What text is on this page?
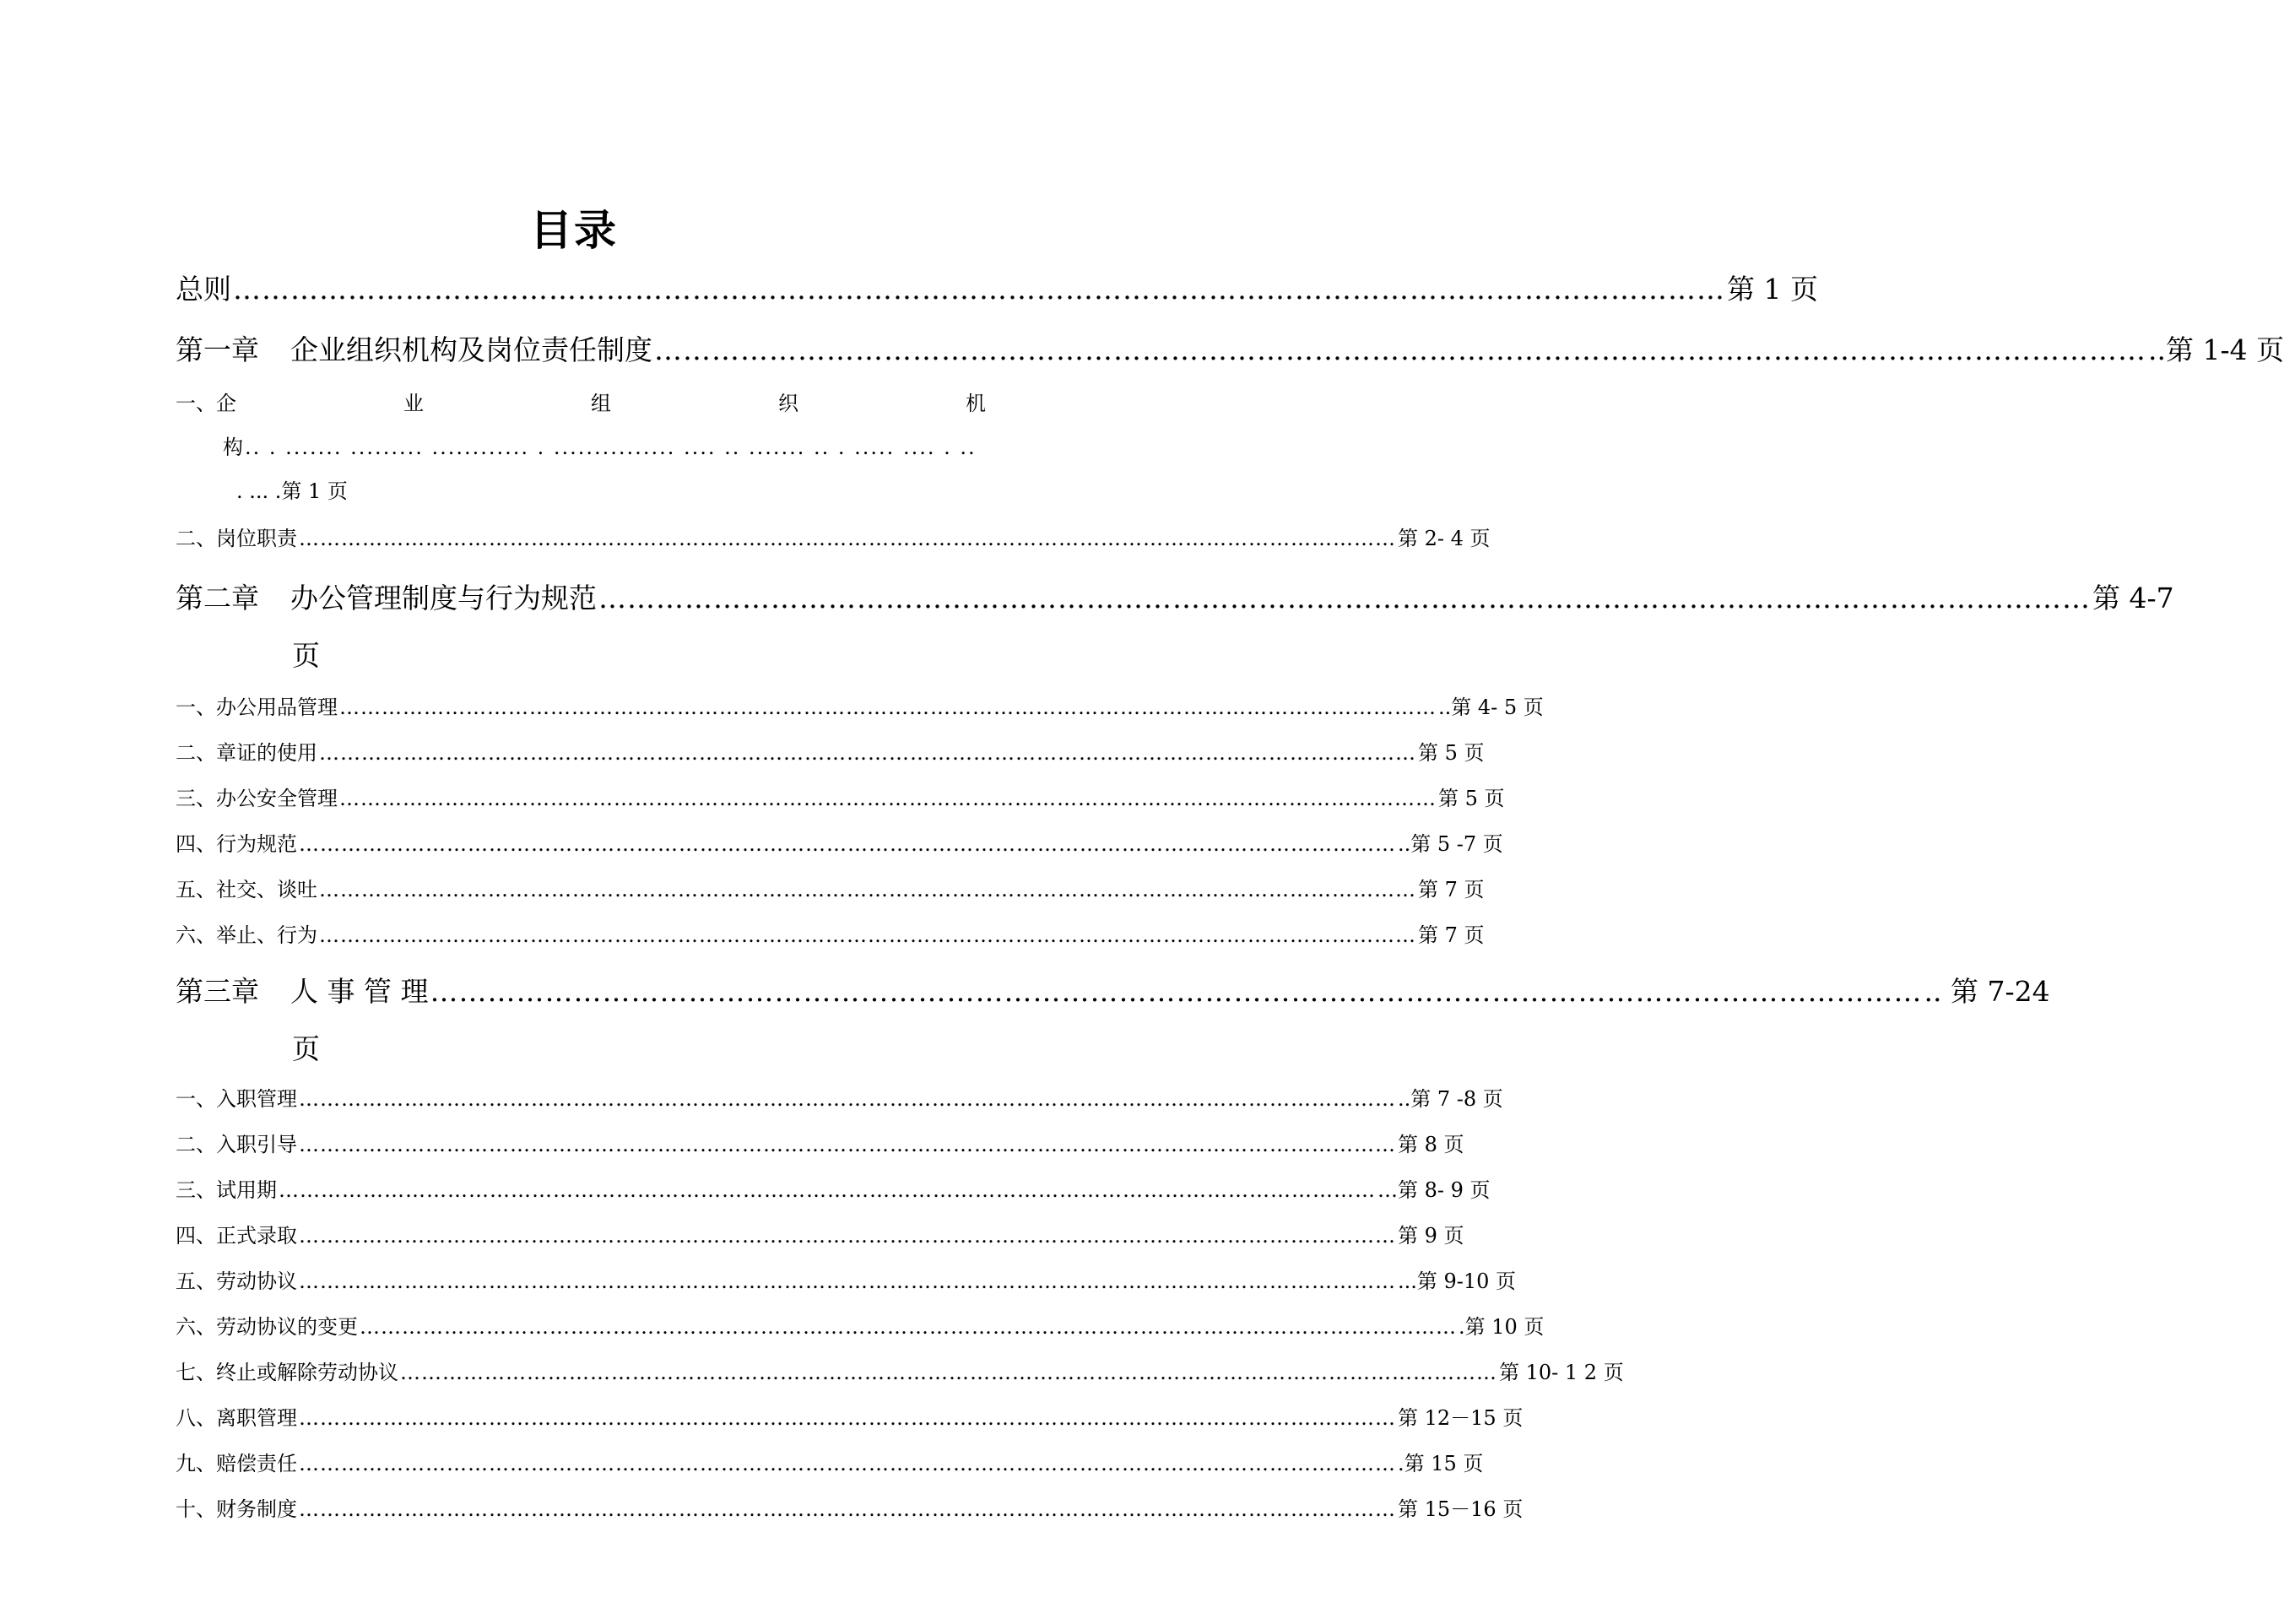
目录
总则 ………………………………………………………………………………………………………………………………………… 第 1 页
第一章 企业组织机构及岗位责任制度 ………………………………………………………………………………………………………………………………………… ..第 1-4 页
一、企	业	组	织	机
构.. . ....... ......... ............ . ............... .... .. ....... .. . ..... .... . ..
. ... .第 1 页
二、岗位职责 ………………………………………………………………………………………………………………………………………… 第 2- 4 页
第二章 办公管理制度与行为规范 ………………………………………………………………………………………………………………………………………… 第 4-7
页
一、办公用品管理 ………………………………………………………………………………………………………………………………………… ..第 4- 5 页
二、章证的使用 ………………………………………………………………………………………………………………………………………… 第 5 页
三、办公安全管理 ………………………………………………………………………………………………………………………………………… 第 5 页
四、行为规范 ………………………………………………………………………………………………………………………………………… ..第 5 -7 页
五、社交、谈吐 ………………………………………………………………………………………………………………………………………… 第 7 页
六、举止、行为 ………………………………………………………………………………………………………………………………………… 第 7 页
第三章 人 事 管 理 ………………………………………………………………………………………………………………………………………… .. 第 7-24
页
一、入职管理 ………………………………………………………………………………………………………………………………………… ..第 7 -8 页
二、入职引导 ………………………………………………………………………………………………………………………………………… 第 8 页
三、试用期 ………………………………………………………………………………………………………………………………………… …第 8- 9 页
四、正式录取 ………………………………………………………………………………………………………………………………………… 第 9 页
五、劳动协议 ………………………………………………………………………………………………………………………………………… ...第 9-10 页
六、劳动协议的变更 ………………………………………………………………………………………………………………………………………… .第 10 页
七、终止或解除劳动协议 ………………………………………………………………………………………………………………………………………… 第 10- 1 2 页
八、离职管理 ………………………………………………………………………………………………………………………………………… 第 12－15 页
九、赔偿责任 ………………………………………………………………………………………………………………………………………… .第 15 页
十、财务制度 ………………………………………………………………………………………………………………………………………… 第 15－16 页
